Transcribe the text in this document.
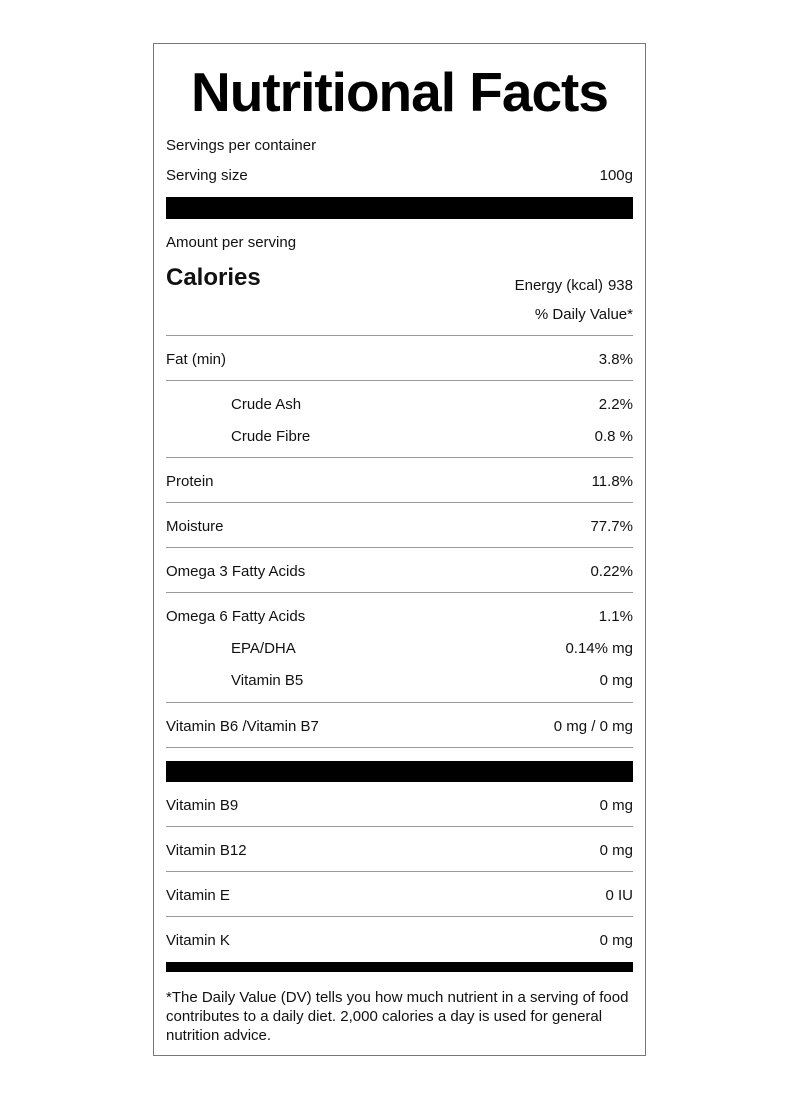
Nutritional Facts
Servings per container
Serving size	100g
Amount per serving
Calories	Energy (kcal) 938
% Daily Value*
Fat (min)	3.8%
Crude Ash	2.2%
Crude Fibre	0.8 %
Protein	11.8%
Moisture	77.7%
Omega 3 Fatty Acids	0.22%
Omega 6 Fatty Acids	1.1%
EPA/DHA	0.14% mg
Vitamin B5	0 mg
Vitamin B6 /Vitamin B7	0 mg / 0 mg
Vitamin B9	0 mg
Vitamin B12	0 mg
Vitamin E	0 IU
Vitamin K	0 mg
*The Daily Value (DV) tells you how much nutrient in a serving of food contributes to a daily diet. 2,000 calories a day is used for general nutrition advice.
